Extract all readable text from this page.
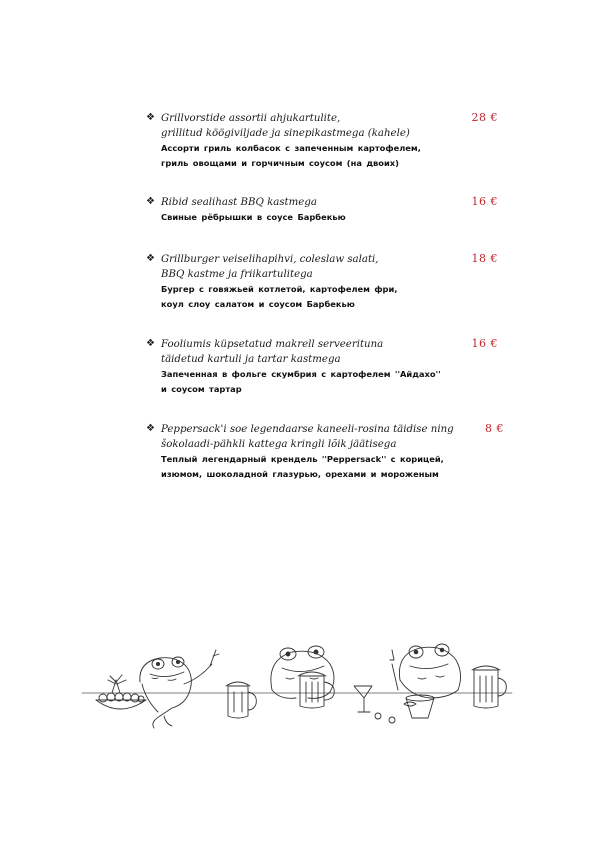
❖ Grillvorstide assortii ahjukartulite,
grillitud köögiviljade ja sinepikastmega (kahele)
Ассорти гриль колбасок с запеченным картофелем,
гриль овощами и горчичным соусом (на двоих)
28 €
❖ Ribid sealihast BBQ kastmega
Свиные рёбрышки в соусе Барбекью
16 €
❖ Grillburger veiselihapihvi, coleslaw salati,
BBQ kastme ja friikartulitega
Бургер с говяжьей котлетой, картофелем фри,
коул слоу салатом и соусом Барбекью
18 €
❖ Fooliumis küpsetatud makrell serveerituna
täidetud kartuli ja tartar kastmega
Запеченная в фольге скумбрия с картофелем ''Айдахо''
и соусом тартар
16 €
❖ Peppersack'i soe legendaarse kaneeli-rosina täidise ning
šokolaadi-pähkli kattega kringli lõik jäätisega
Теплый легендарный крендель ''Peppersack'' с корицей,
изюмом, шоколадной глазурью, орехами и мороженым
8 €
